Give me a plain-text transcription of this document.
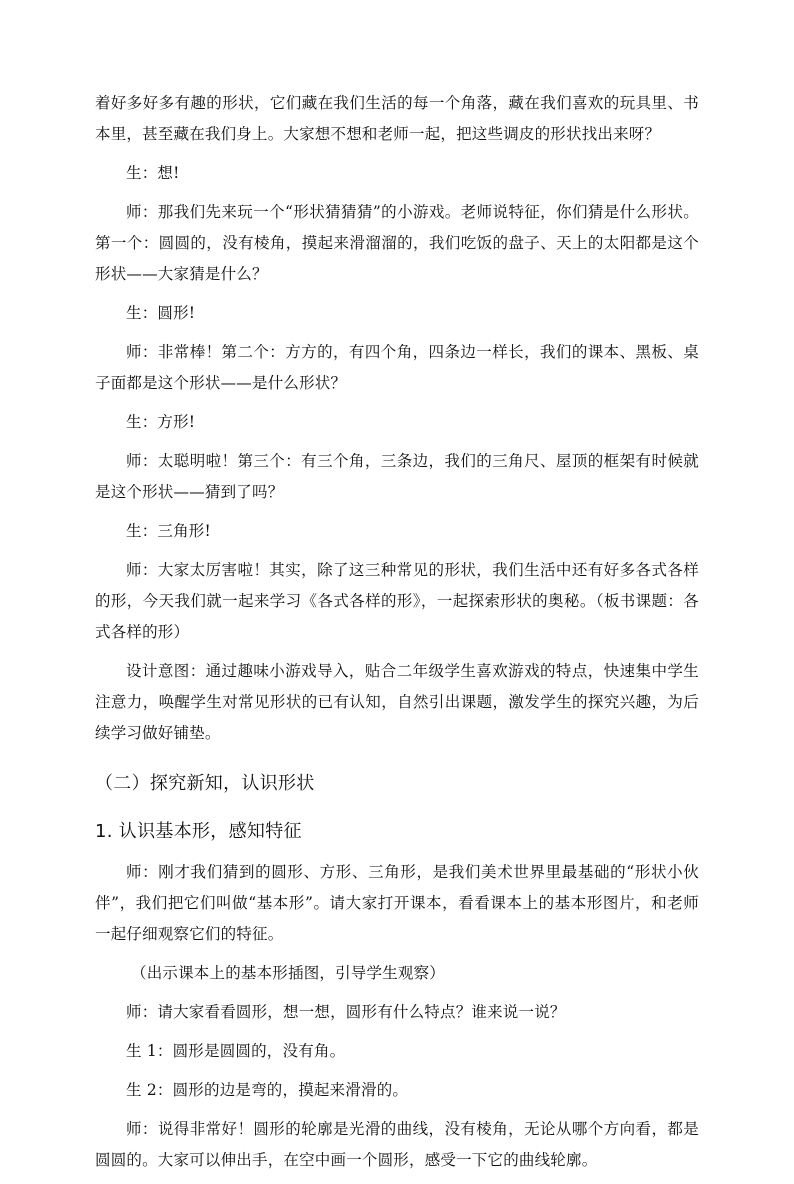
着好多好多有趣的形状，它们藏在我们生活的每一个角落，藏在我们喜欢的玩具里、书本里，甚至藏在我们身上。大家想不想和老师一起，把这些调皮的形状找出来呀？

生：想!

师：那我们先来玩一个“形状猜猜猜”的小游戏。老师说特征，你们猜是什么形状。第一个：圆圆的，没有棱角，摸起来滑溜溜的，我们吃饭的盘子、天上的太阳都是这个形状——大家猜是什么？

生：圆形!

师：非常棒！第二个：方方的，有四个角，四条边一样长，我们的课本、黑板、桌子面都是这个形状——是什么形状？

生：方形!

师：太聪明啦！第三个：有三个角，三条边，我们的三角尺、屋顶的框架有时候就是这个形状——猜到了吗？

生：三角形!

师：大家太厉害啦！其实，除了这三种常见的形状，我们生活中还有好多各式各样的形，今天我们就一起来学习《各式各样的形》，一起探索形状的奥秘。（板书课题：各式各样的形）

设计意图：通过趣味小游戏导入，贴合二年级学生喜欢游戏的特点，快速集中学生注意力，唤醒学生对常见形状的已有认知，自然引出课题，激发学生的探究兴趣，为后续学习做好铺垫。

（二）探究新知，认识形状
1. 认识基本形，感知特征

师：刚才我们猜到的圆形、方形、三角形，是我们美术世界里最基础的“形状小伙伴”，我们把它们叫做“基本形”。请大家打开课本，看看课本上的基本形图片，和老师一起仔细观察它们的特征。

（出示课本上的基本形插图，引导学生观察）

师：请大家看看圆形，想一想，圆形有什么特点？谁来说一说？

生 1：圆形是圆圆的，没有角。

生 2：圆形的边是弯的，摸起来滑滑的。

师：说得非常好！圆形的轮廓是光滑的曲线，没有棱角，无论从哪个方向看，都是圆圆的。大家可以伸出手，在空中画一个圆形，感受一下它的曲线轮廓。
